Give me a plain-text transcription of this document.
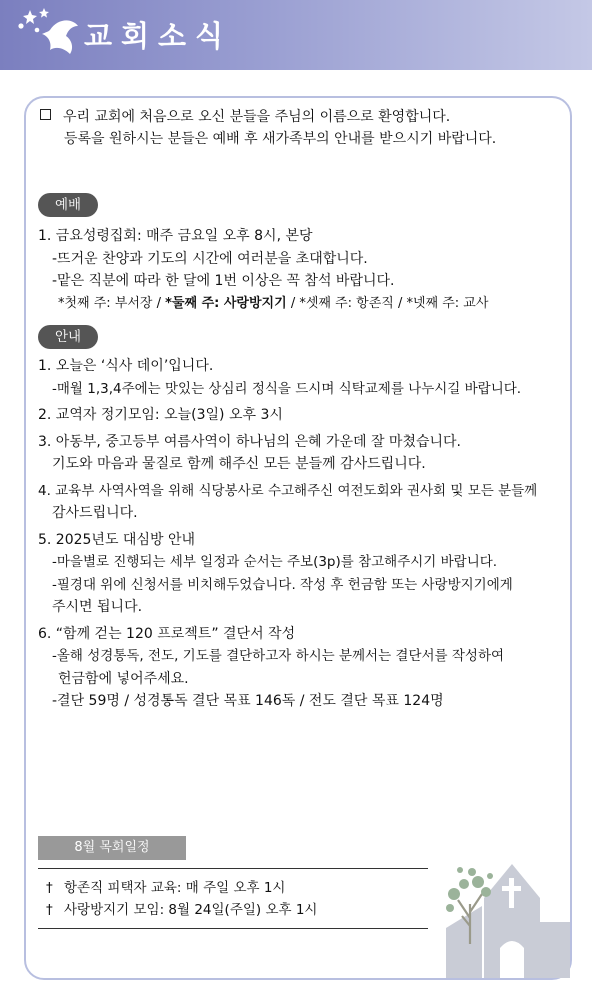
교회소식
우리 교회에 처음으로 오신 분들을 주님의 이름으로 환영합니다.
등록을 원하시는 분들은 예배 후 새가족부의 안내를 받으시기 바랍니다.
예배
1. 금요성령집회: 매주 금요일 오후 8시, 본당
-뜨거운 찬양과 기도의 시간에 여러분을 초대합니다.
-맡은 직분에 따라 한 달에 1번 이상은 꼭 참석 바랍니다.
*첫째 주: 부서장 / *둘째 주: 사랑방지기 / *셋째 주: 항존직 / *넷째 주: 교사
안내
1. 오늘은 ‘식사 데이’입니다.
-매월 1,3,4주에는 맛있는 상심리 정식을 드시며 식탁교제를 나누시길 바랍니다.
2. 교역자 정기모임: 오늘(3일) 오후 3시
3. 아동부, 중고등부 여름사역이 하나님의 은혜 가운데 잘 마쳤습니다.
기도와 마음과 물질로 함께 해주신 모든 분들께 감사드립니다.
4. 교육부 사역사역을 위해 식당봉사로 수고해주신 여전도회와 권사회 및 모든 분들께
감사드립니다.
5. 2025년도 대심방 안내
-마을별로 진행되는 세부 일정과 순서는 주보(3p)를 참고해주시기 바랍니다.
-필경대 위에 신청서를 비치해두었습니다. 작성 후 헌금함 또는 사랑방지기에게
주시면 됩니다.
6. “함께 걷는 120 프로젝트” 결단서 작성
-올해 성경통독, 전도, 기도를 결단하고자 하시는 분께서는 결단서를 작성하여
헌금함에 넣어주세요.
-결단 59명 / 성경통독 결단 목표 146독 / 전도 결단 목표 124명
8월 목회일정
† 항존직 피택자 교육: 매 주일 오후 1시
† 사랑방지기 모임: 8월 24일(주일) 오후 1시
